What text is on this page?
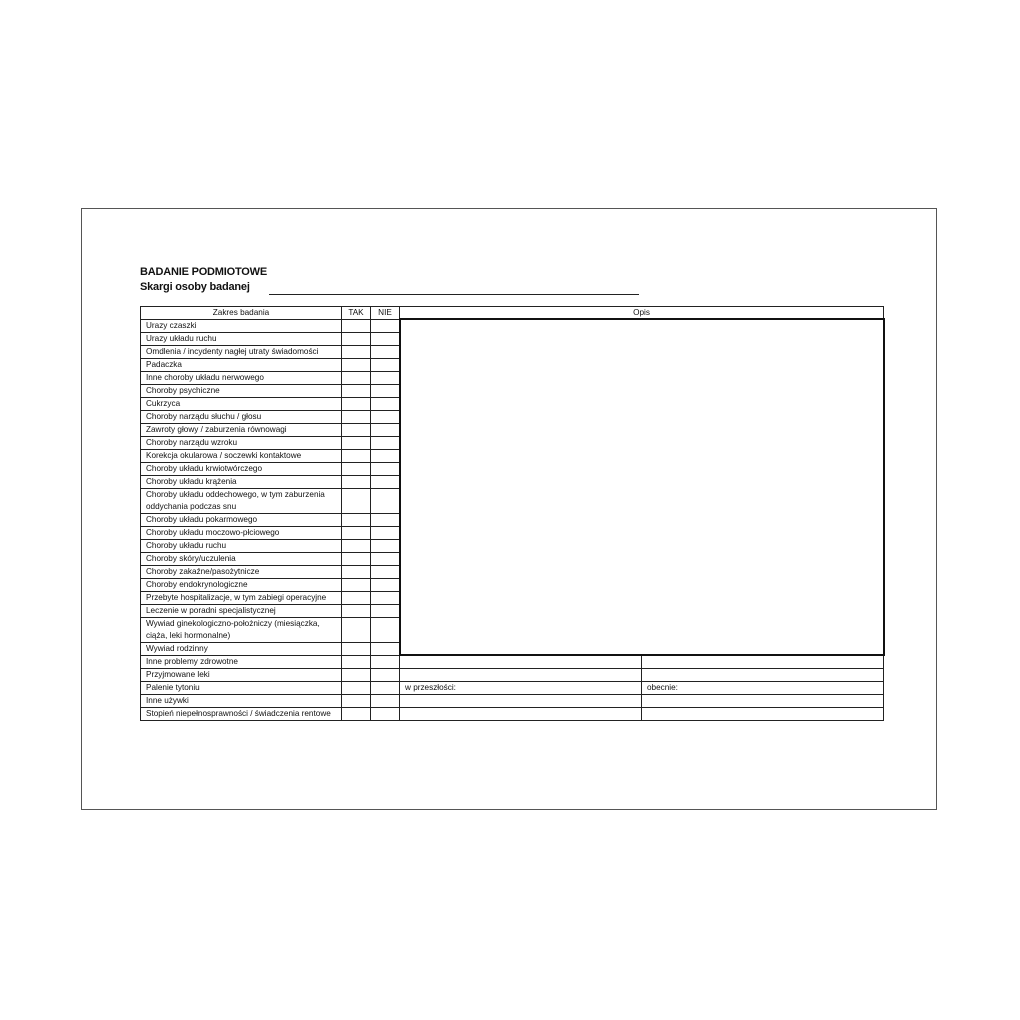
BADANIE PODMIOTOWE
Skargi osoby badanej
Zakres badania	TAK	NIE	Opis	
Urazy czaszki				
Urazy układu ruchu				
Omdlenia / incydenty nagłej utraty świadomości				
Padaczka				
Inne choroby układu nerwowego				
Choroby psychiczne				
Cukrzyca				
Choroby narządu słuchu / głosu				
Zawroty głowy / zaburzenia równowagi				
Choroby narządu wzroku				
Korekcja okularowa / soczewki kontaktowe				
Choroby układu krwiotwórczego				
Choroby układu krążenia				
Choroby układu oddechowego, w tym zaburzenia oddychania podczas snu				
Choroby układu pokarmowego				
Choroby układu moczowo-płciowego				
Choroby układu ruchu				
Choroby skóry/uczulenia				
Choroby zakaźne/pasożytnicze				
Choroby endokrynologiczne				
Przebyte hospitalizacje, w tym zabiegi operacyjne				
Leczenie w poradni specjalistycznej				
Wywiad ginekologiczno-położniczy (miesiączka, ciąża, leki hormonalne)				
Wywiad rodzinny				
Inne problemy zdrowotne				
Przyjmowane leki				
Palenie tytoniu			w przeszłości:	obecnie:
Inne używki				
Stopień niepełnosprawności / świadczenia rentowe				
